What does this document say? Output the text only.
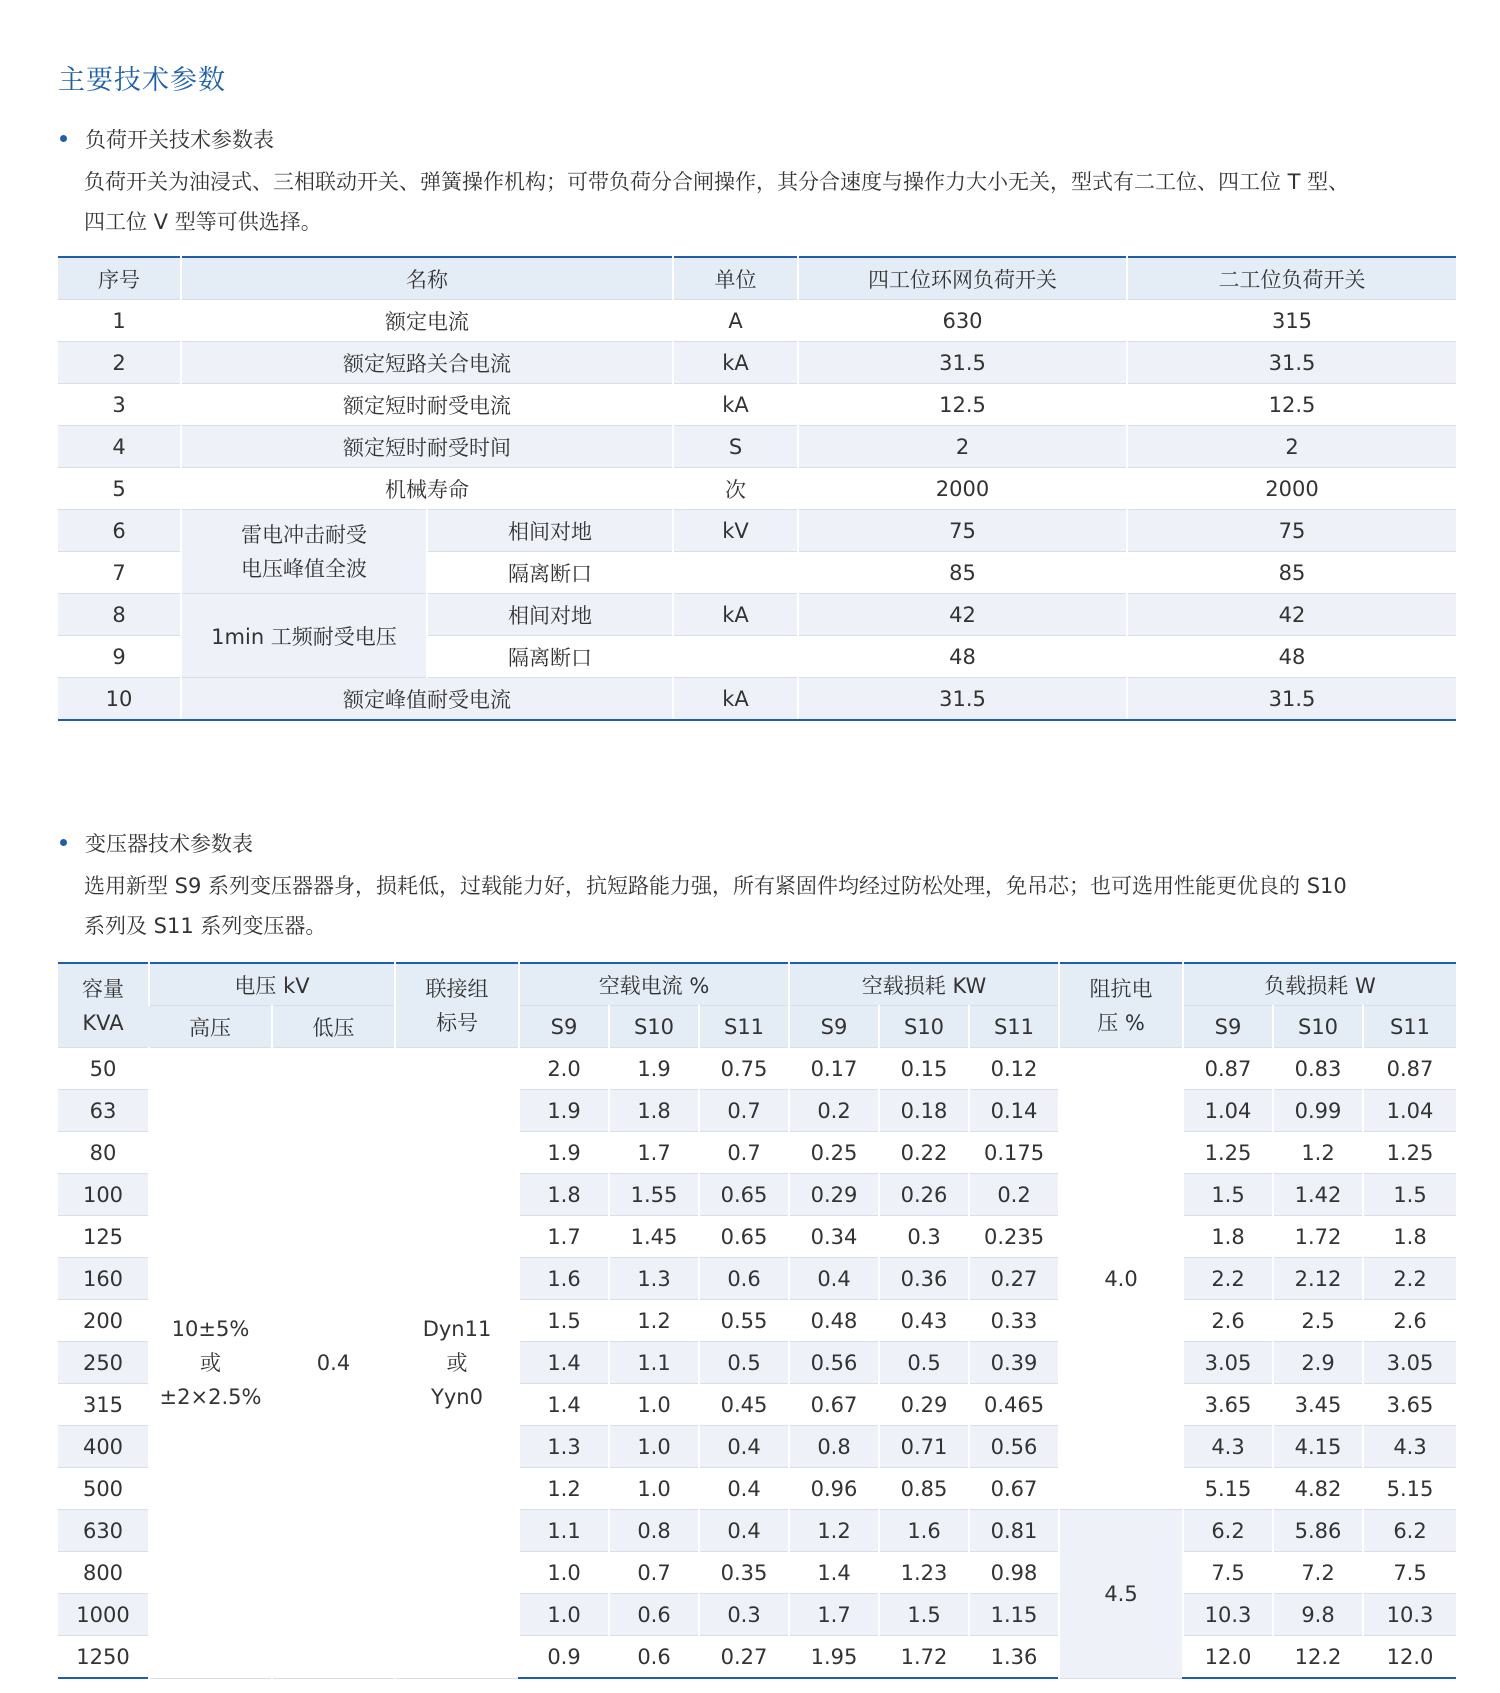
主要技术参数
负荷开关技术参数表
负荷开关为油浸式、三相联动开关、弹簧操作机构；可带负荷分合闸操作，其分合速度与操作力大小无关，型式有二工位、四工位 T 型、
四工位 V 型等可供选择。
序号	名称		单位	四工位环网负荷开关	二工位负荷开关
1	额定电流		A	630	315
2	额定短路关合电流		kA	31.5	31.5
3	额定短时耐受电流		kA	12.5	12.5
4	额定短时耐受时间		S	2	2
5	机械寿命		次	2000	2000
6	雷电冲击耐受
电压峰值全波	相间对地	kV	75	75
7		隔离断口		85	85
8	1min 工频耐受电压	相间对地	kA	42	42
9		隔离断口		48	48
10	额定峰值耐受电流		kA	31.5	31.5
变压器技术参数表
选用新型 S9 系列变压器器身，损耗低，过载能力好，抗短路能力强，所有紧固件均经过防松处理，免吊芯；也可选用性能更优良的 S10
系列及 S11 系列变压器。
容量
KVA	电压 kV		联接组
标号	空载电流 %			空载损耗 KW			阻抗电
压 %	负载损耗 W		
	高压	低压		S9	S10	S11	S9	S10	S11		S9	S10	S11
50	10±5%
或
±2×2.5%	0.4	Dyn11
或
Yyn0	2.0	1.9	0.75	0.17	0.15	0.12	4.0	0.87	0.83	0.87
63				1.9	1.8	0.7	0.2	0.18	0.14		1.04	0.99	1.04
80				1.9	1.7	0.7	0.25	0.22	0.175		1.25	1.2	1.25
100				1.8	1.55	0.65	0.29	0.26	0.2		1.5	1.42	1.5
125				1.7	1.45	0.65	0.34	0.3	0.235		1.8	1.72	1.8
160				1.6	1.3	0.6	0.4	0.36	0.27		2.2	2.12	2.2
200				1.5	1.2	0.55	0.48	0.43	0.33		2.6	2.5	2.6
250				1.4	1.1	0.5	0.56	0.5	0.39		3.05	2.9	3.05
315				1.4	1.0	0.45	0.67	0.29	0.465		3.65	3.45	3.65
400				1.3	1.0	0.4	0.8	0.71	0.56		4.3	4.15	4.3
500				1.2	1.0	0.4	0.96	0.85	0.67		5.15	4.82	5.15
630				1.1	0.8	0.4	1.2	1.6	0.81	4.5	6.2	5.86	6.2
800				1.0	0.7	0.35	1.4	1.23	0.98		7.5	7.2	7.5
1000				1.0	0.6	0.3	1.7	1.5	1.15		10.3	9.8	10.3
1250				0.9	0.6	0.27	1.95	1.72	1.36		12.0	12.2	12.0
